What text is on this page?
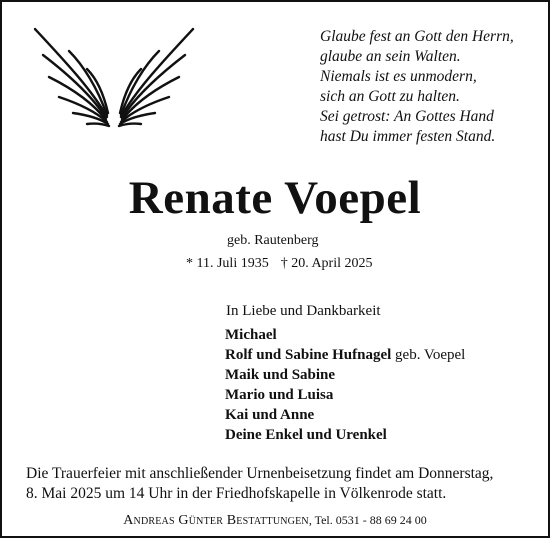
Glaube fest an Gott den Herrn,
glaube an sein Walten.
Niemals ist es unmodern,
sich an Gott zu halten.
Sei getrost: An Gottes Hand
hast Du immer festen Stand.
Renate Voepel
geb. Rautenberg
* 11. Juli 1935 † 20. April 2025
In Liebe und Dankbarkeit
Michael
Rolf und Sabine Hufnagel geb. Voepel
Maik und Sabine
Mario und Luisa
Kai und Anne
Deine Enkel und Urenkel
Die Trauerfeier mit anschließender Urnenbeisetzung findet am Donnerstag,
8. Mai 2025 um 14 Uhr in der Friedhofskapelle in Völkenrode statt.
Andreas Günter Bestattungen, Tel. 0531 - 88 69 24 00
